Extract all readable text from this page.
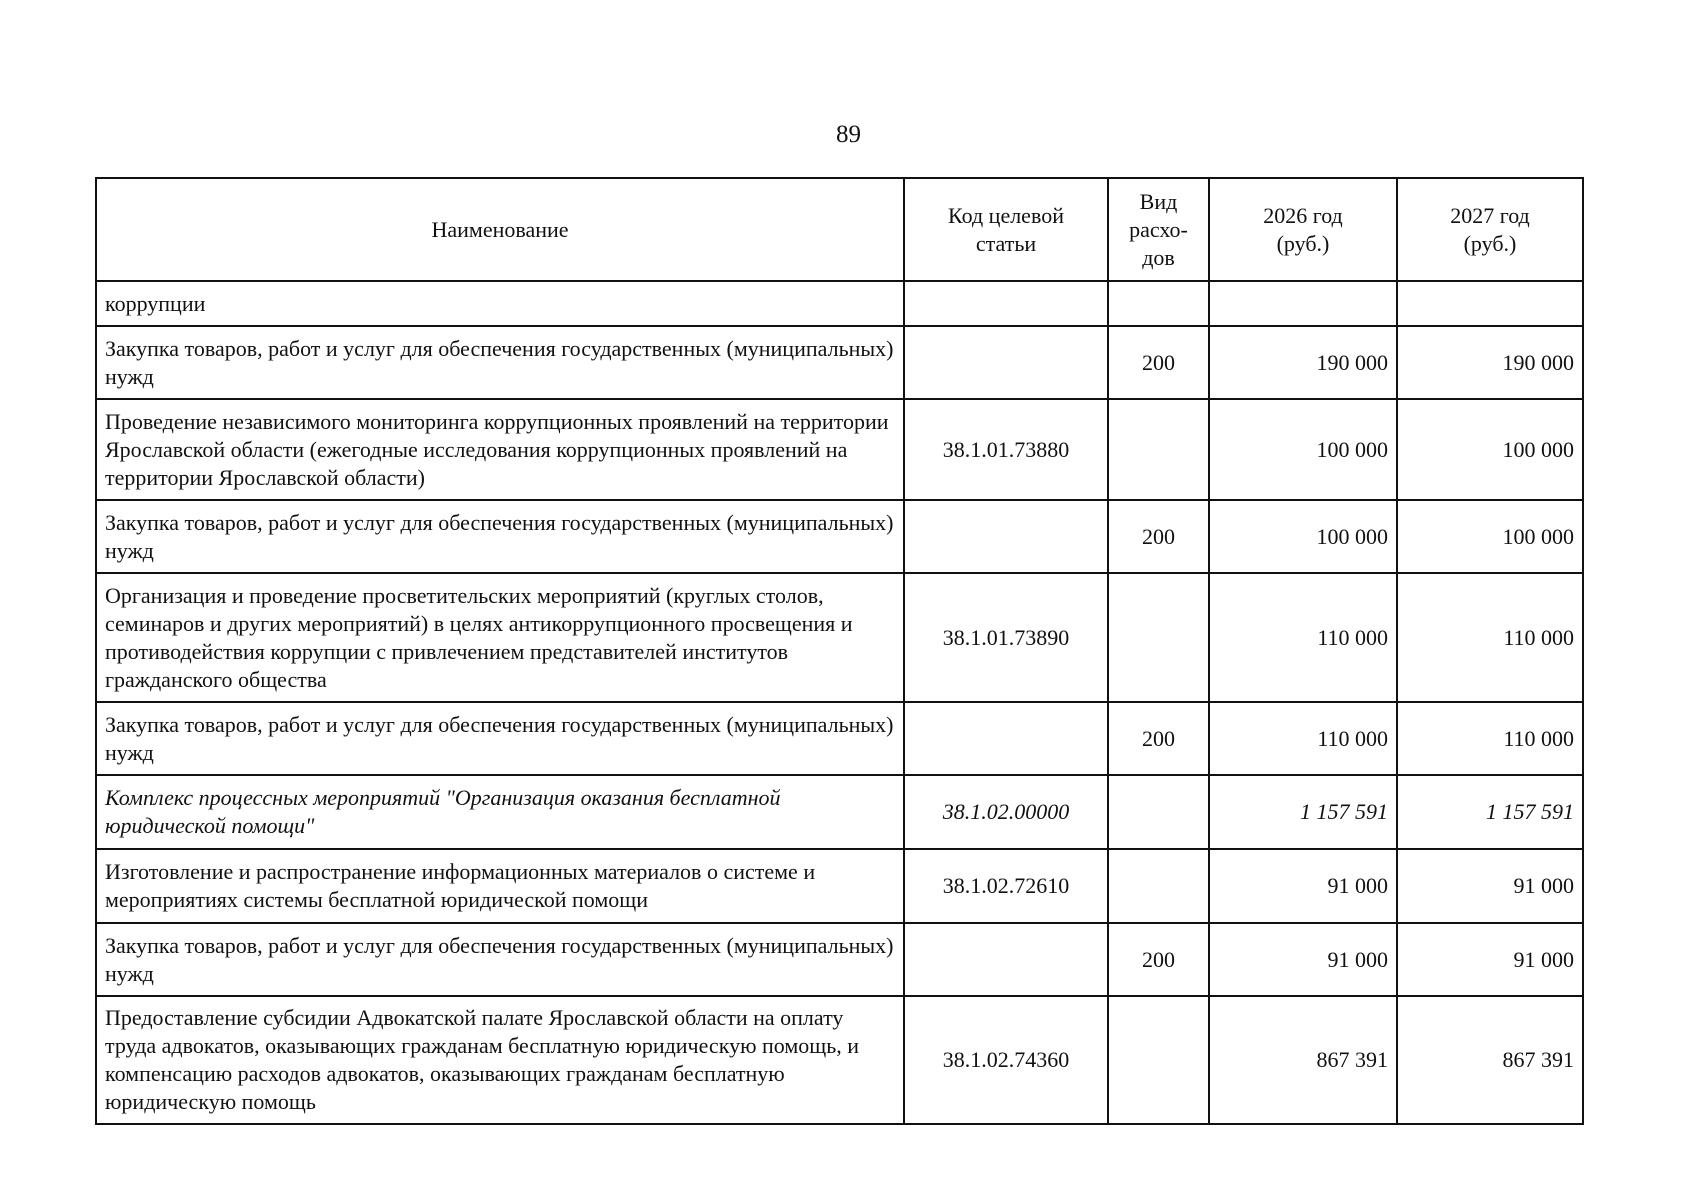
89
Наименование	Код целевой статьи	Вид расхо-дов	2026 год (руб.)	2027 год (руб.)
коррупции				
Закупка товаров, работ и услуг для обеспечения государственных (муниципальных) нужд		200	190 000	190 000
Проведение независимого мониторинга коррупционных проявлений на территории Ярославской области (ежегодные исследования коррупционных проявлений на территории Ярославской области)	38.1.01.73880		100 000	100 000
Закупка товаров, работ и услуг для обеспечения государственных (муниципальных) нужд		200	100 000	100 000
Организация и проведение просветительских мероприятий (круглых столов, семинаров и других мероприятий) в целях антикоррупционного просвещения и противодействия коррупции с привлечением представителей институтов гражданского общества	38.1.01.73890		110 000	110 000
Закупка товаров, работ и услуг для обеспечения государственных (муниципальных) нужд		200	110 000	110 000
Комплекс процессных мероприятий "Организация оказания бесплатной юридической помощи"	38.1.02.00000		1 157 591	1 157 591
Изготовление и распространение информационных материалов о системе и мероприятиях системы бесплатной юридической помощи	38.1.02.72610		91 000	91 000
Закупка товаров, работ и услуг для обеспечения государственных (муниципальных) нужд		200	91 000	91 000
Предоставление субсидии Адвокатской палате Ярославской области на оплату труда адвокатов, оказывающих гражданам бесплатную юридическую помощь, и компенсацию расходов адвокатов, оказывающих гражданам бесплатную юридическую помощь	38.1.02.74360		867 391	867 391
